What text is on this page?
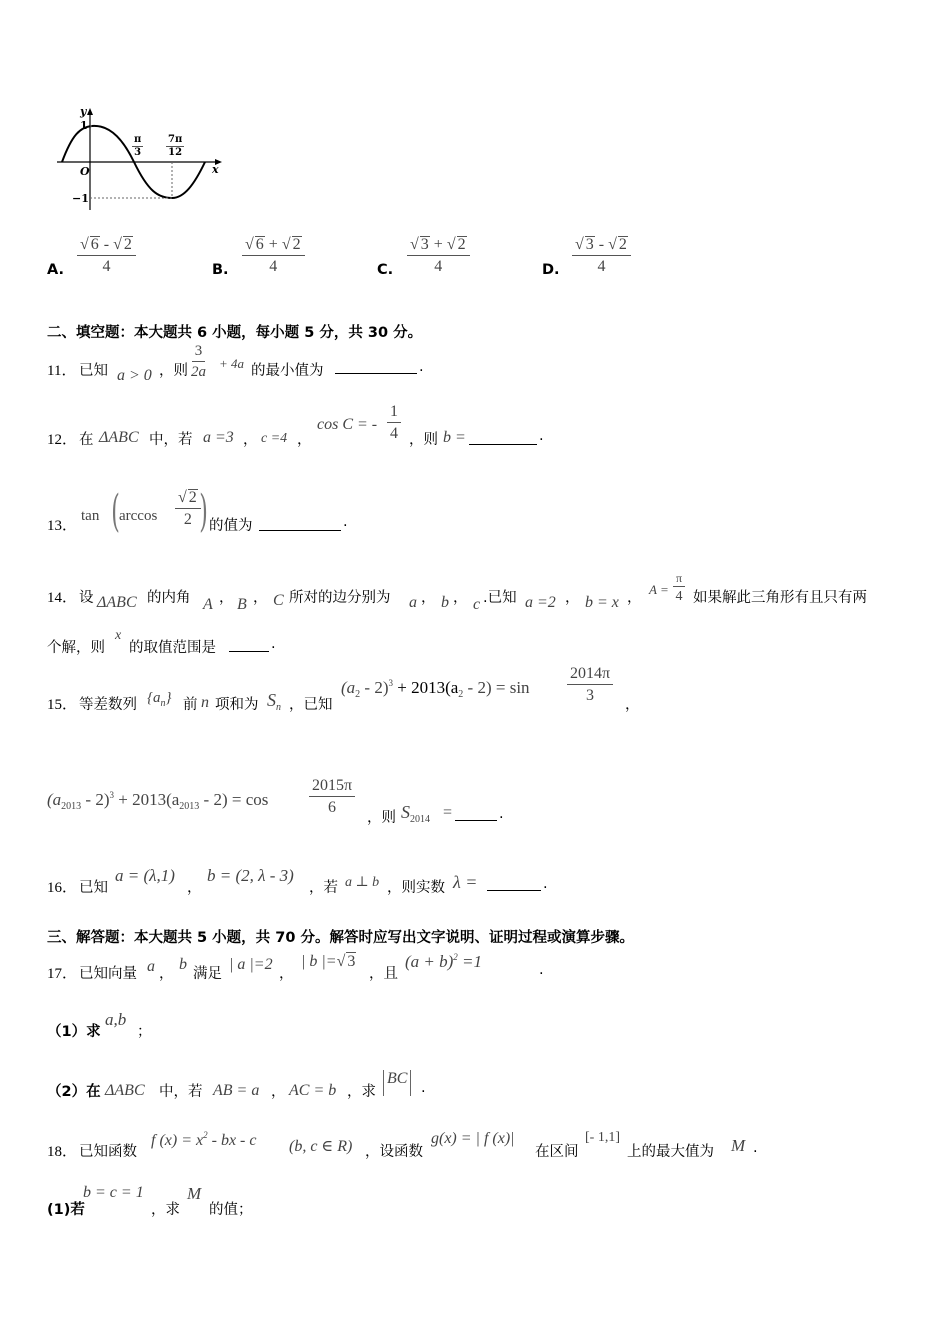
y
1
O
−1
x
$\frac{\pi}{3} \frac{7\pi}{12}$
A. $\frac{√ 6 - √ 2}{4}$	B. $\frac{√ 6 + √ 2}{4}$	C. $\frac{√ 3 + √ 2}{4}$	D. $\frac{√ 3 - √ 2}{4}$
二、填空题：本大题共 6 小题，每小题 5 分，共 30 分。
11． 已知 a > 0 ，则 $\frac{3}{2a} + 4a$ 的最小值为	.
12． 在 ΔABC 中，若 a =3 ， c =4 ，
cos C = - $\frac{1}{4}$ ，则 b =	.
13．
tan ( $\arccos \frac{√ 2}{2}$
) 的值为	.
14． 设 ΔABC 的内角 A ， B ， C 所对的边分别为 a ， b ， c .已知 a =2 ， b = x ，
$A = \frac{\pi}{4}$ 如果解此三角形有且只有两
个解，则
x
的取值范围是	.
15． 等差数列 $\{a_n\}$ 前 n 项和为 $S_n$ ，已知
$(a_2 - 2)^3 + 2013(a_2 - 2) = \sin \frac{2014\pi}{3}$
，
$(a_{2013} - 2)^3 + 2013(a_{2013} - 2) = \cos$	$\frac{2015\pi}{6}$
，则 $S_{2014}$ =	.
16． 已知
a = (λ,1)
，
b = (2, λ - 3)
，若 a ⊥ b ，则实数 λ =	.
三、解答题：本大题共 5 小题，共 70 分。解答时应写出文字说明、证明过程或演算步骤。
17． 已知向量 a ，
b
满足
| a |=2
，
| b |=√ 3
，且
$(a + b)^2 =1$	.
（1）求
a,b
；
（2）在 ΔABC 中，若 AB = a ， AC = b ，求
BC
.
18． 已知函数
f $(x) = x^2$ - bx - c (b, c ∈ R) ，设函数
g(x) = | f (x)|
在区间
[- 1,1]
上的最大值为 M .
(1)若
b = c = 1
，求
M
的值；
